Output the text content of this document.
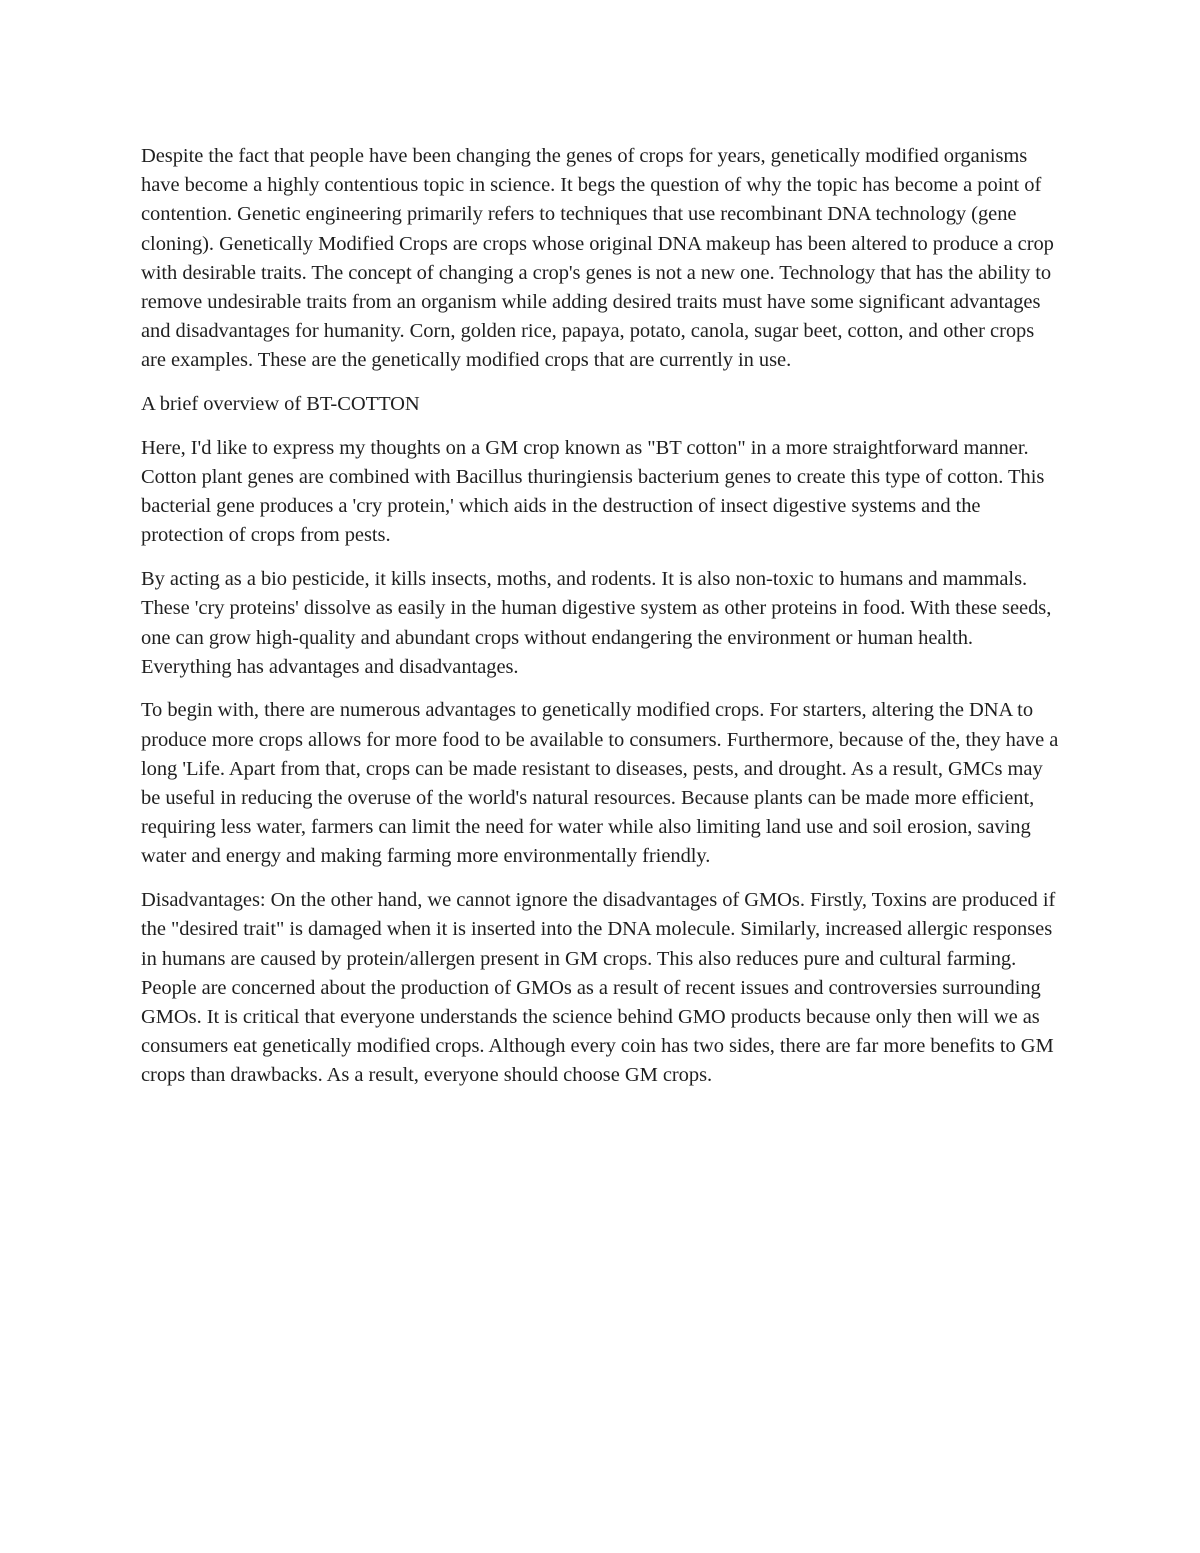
Despite the fact that people have been changing the genes of crops for years, genetically modified organisms have become a highly contentious topic in science. It begs the question of why the topic has become a point of contention. Genetic engineering primarily refers to techniques that use recombinant DNA technology (gene cloning). Genetically Modified Crops are crops whose original DNA makeup has been altered to produce a crop with desirable traits. The concept of changing a crop's genes is not a new one. Technology that has the ability to remove undesirable traits from an organism while adding desired traits must have some significant advantages and disadvantages for humanity. Corn, golden rice, papaya, potato, canola, sugar beet, cotton, and other crops are examples. These are the genetically modified crops that are currently in use.

A brief overview of BT-COTTON

Here, I'd like to express my thoughts on a GM crop known as "BT cotton" in a more straightforward manner. Cotton plant genes are combined with Bacillus thuringiensis bacterium genes to create this type of cotton. This bacterial gene produces a 'cry protein,' which aids in the destruction of insect digestive systems and the protection of crops from pests.

By acting as a bio pesticide, it kills insects, moths, and rodents. It is also non-toxic to humans and mammals. These 'cry proteins' dissolve as easily in the human digestive system as other proteins in food. With these seeds, one can grow high-quality and abundant crops without endangering the environment or human health. Everything has advantages and disadvantages.

To begin with, there are numerous advantages to genetically modified crops. For starters, altering the DNA to produce more crops allows for more food to be available to consumers. Furthermore, because of the, they have a long 'Life. Apart from that, crops can be made resistant to diseases, pests, and drought. As a result, GMCs may be useful in reducing the overuse of the world's natural resources. Because plants can be made more efficient, requiring less water, farmers can limit the need for water while also limiting land use and soil erosion, saving water and energy and making farming more environmentally friendly.

Disadvantages: On the other hand, we cannot ignore the disadvantages of GMOs. Firstly, Toxins are produced if the "desired trait" is damaged when it is inserted into the DNA molecule. Similarly, increased allergic responses in humans are caused by protein/allergen present in GM crops. This also reduces pure and cultural farming. People are concerned about the production of GMOs as a result of recent issues and controversies surrounding GMOs. It is critical that everyone understands the science behind GMO products because only then will we as consumers eat genetically modified crops. Although every coin has two sides, there are far more benefits to GM crops than drawbacks. As a result, everyone should choose GM crops.
